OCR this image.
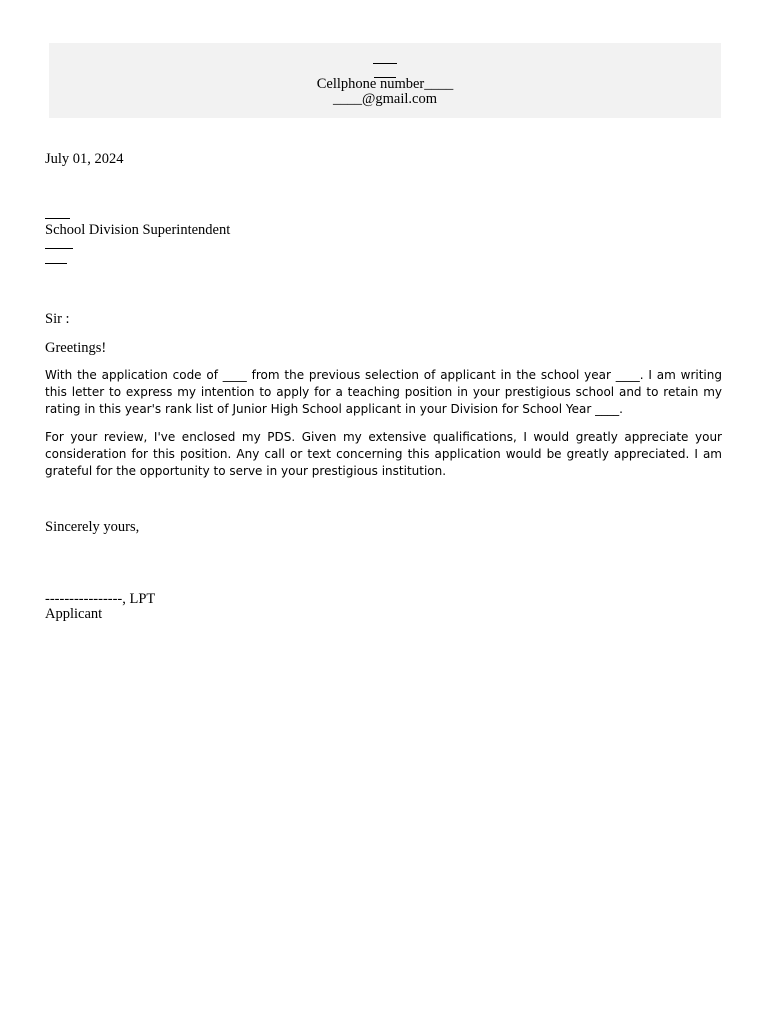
Cellphone number____
____@gmail.com
July 01, 2024
School Division Superintendent
Sir :
Greetings!
With the application code of ____ from the previous selection of applicant in the school year ____. I am writing this letter to express my intention to apply for a teaching position in your prestigious school and to retain my rating in this year's rank list of Junior High School applicant in your Division for School Year ____.
For your review, I've enclosed my PDS. Given my extensive qualifications, I would greatly appreciate your consideration for this position. Any call or text concerning this application would be greatly appreciated. I am grateful for the opportunity to serve in your prestigious institution.
Sincerely yours,
----------------, LPT
Applicant
